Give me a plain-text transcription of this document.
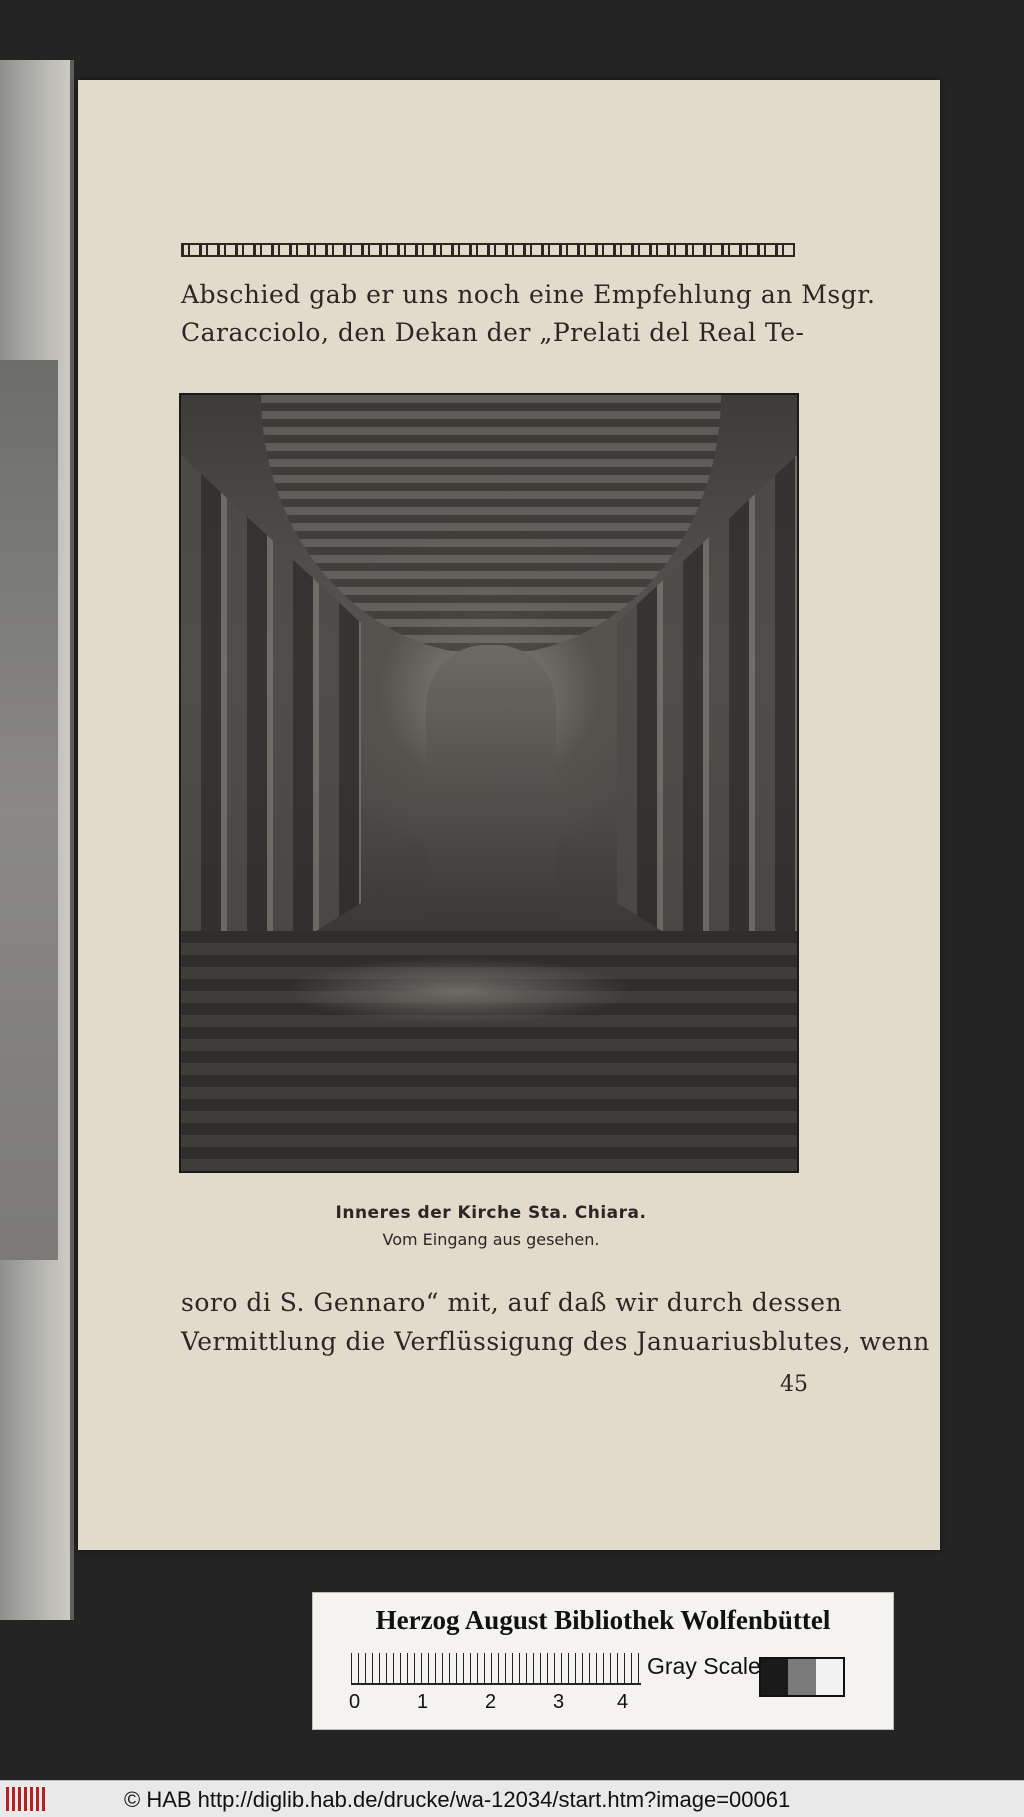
Abschied gab er uns noch eine Empfehlung an Msgr.
Caracciolo, den Dekan der „Prelati del Real Te-
Inneres der Kirche Sta. Chiara.
Vom Eingang aus gesehen.
soro di S. Gennaro“ mit, auf daß wir durch dessen
Vermittlung die Verflüssigung des Januariusblutes, wenn
45
Herzog August Bibliothek Wolfenbüttel
0	1	2	3	4
Gray Scale
© HAB http://diglib.hab.de/drucke/wa-12034/start.htm?image=00061
